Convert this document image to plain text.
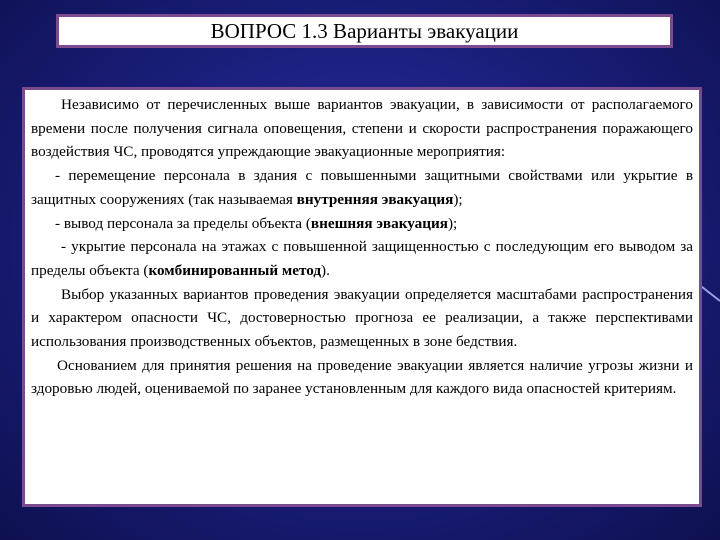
ВОПРОС 1.3 Варианты эвакуации

Независимо от перечисленных выше вариантов эвакуации, в зависимости от располагаемого времени после получения сигнала оповещения, степени и скорости распространения поражающего воздействия ЧС, проводятся упреждающие эвакуационные мероприятия:

- перемещение персонала в здания с повышенными защитными свойствами или укрытие в защитных сооружениях (так называемая внутренняя эвакуация);

- вывод персонала за пределы объекта (внешняя эвакуация);

- укрытие персонала на этажах с повышенной защищенностью с последующим его выводом за пределы объекта (комбинированный метод).

Выбор указанных вариантов проведения эвакуации определяется масштабами распространения и характером опасности ЧС, достоверностью прогноза ее реализации, а также перспективами использования производственных объектов, размещенных в зоне бедствия.

Основанием для принятия решения на проведение эвакуации является наличие угрозы жизни и здоровью людей, оцениваемой по заранее установленным для каждого вида опасностей критериям.
